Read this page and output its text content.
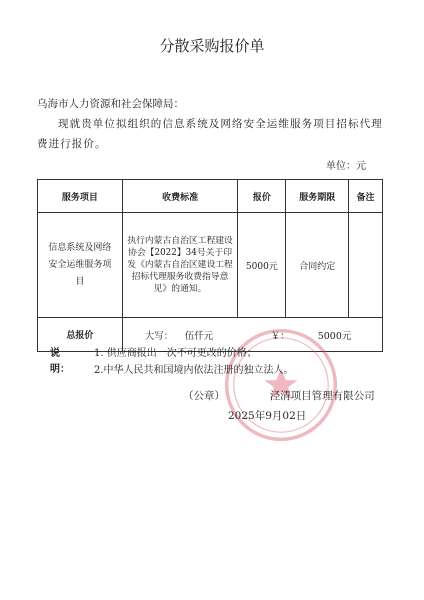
分散采购报价单
乌海市人力资源和社会保障局：
现就贵单位拟组织的信息系统及网络安全运维服务项目招标代理
费进行报价。
单位：元
服务项目	收费标准	报价	服务期限	备注

信息系统及网络安全运维服务项目	执行内蒙古自治区工程建设协会【2022】34号关于印发《内蒙古自治区建设工程招标代理服务收费指导意见》的通知。	5000元	合同约定	
总报价	大写： 伍仟元 ￥： 5000元			
说明：
1. 供应商报出一次不可更改的价格；
2.中华人民共和国境内依法注册的独立法人。
（公章）	泾清项目管理有限公司
2025年9月02日
